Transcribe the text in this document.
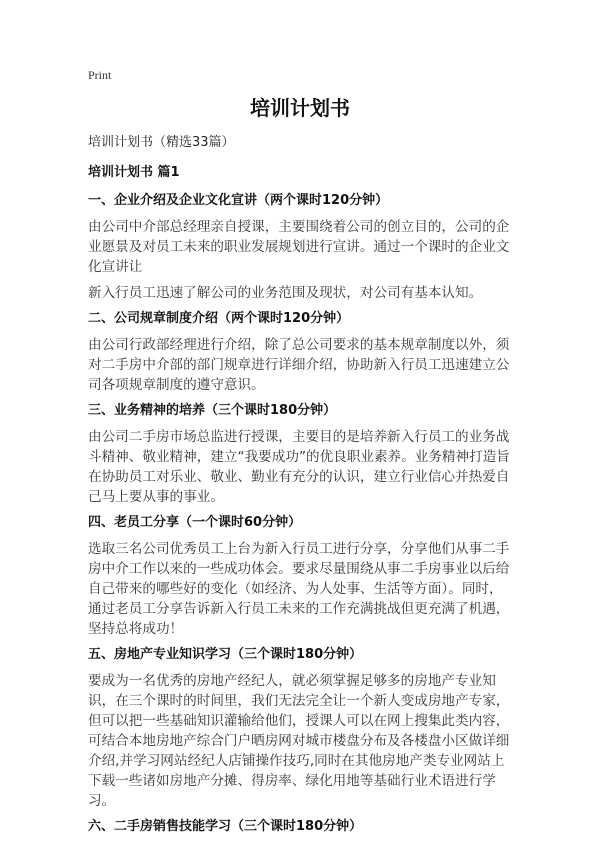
Print
培训计划书
培训计划书（精选33篇）
培训计划书 篇1
一、企业介绍及企业文化宣讲（两个课时120分钟）

由公司中介部总经理亲自授课，主要围绕着公司的创立目的，公司的企业愿景及对员工未来的职业发展规划进行宣讲。通过一个课时的企业文化宣讲让

新入行员工迅速了解公司的业务范围及现状，对公司有基本认知。

二、公司规章制度介绍（两个课时120分钟）

由公司行政部经理进行介绍，除了总公司要求的基本规章制度以外，须对二手房中介部的部门规章进行详细介绍，协助新入行员工迅速建立公司各项规章制度的遵守意识。

三、业务精神的培养（三个课时180分钟）

由公司二手房市场总监进行授课，主要目的是培养新入行员工的业务战斗精神、敬业精神，建立“我要成功”的优良职业素养。业务精神打造旨在协助员工对乐业、敬业、勤业有充分的认识，建立行业信心并热爱自己马上要从事的事业。

四、老员工分享（一个课时60分钟）

选取三名公司优秀员工上台为新入行员工进行分享，分享他们从事二手房中介工作以来的一些成功体会。要求尽量围绕从事二手房事业以后给自己带来的哪些好的变化（如经济、为人处事、生活等方面）。同时，通过老员工分享告诉新入行员工未来的工作充满挑战但更充满了机遇，坚持总将成功！

五、房地产专业知识学习（三个课时180分钟）

要成为一名优秀的房地产经纪人，就必须掌握足够多的房地产专业知识，在三个课时的时间里，我们无法完全让一个新人变成房地产专家，但可以把一些基础知识灌输给他们，授课人可以在网上搜集此类内容，可结合本地房地产综合门户晒房网对城市楼盘分布及各楼盘小区做详细介绍,并学习网站经纪人店铺操作技巧,同时在其他房地产类专业网站上下载一些诸如房地产分摊、得房率、绿化用地等基础行业术语进行学习。

六、二手房销售技能学习（三个课时180分钟）
